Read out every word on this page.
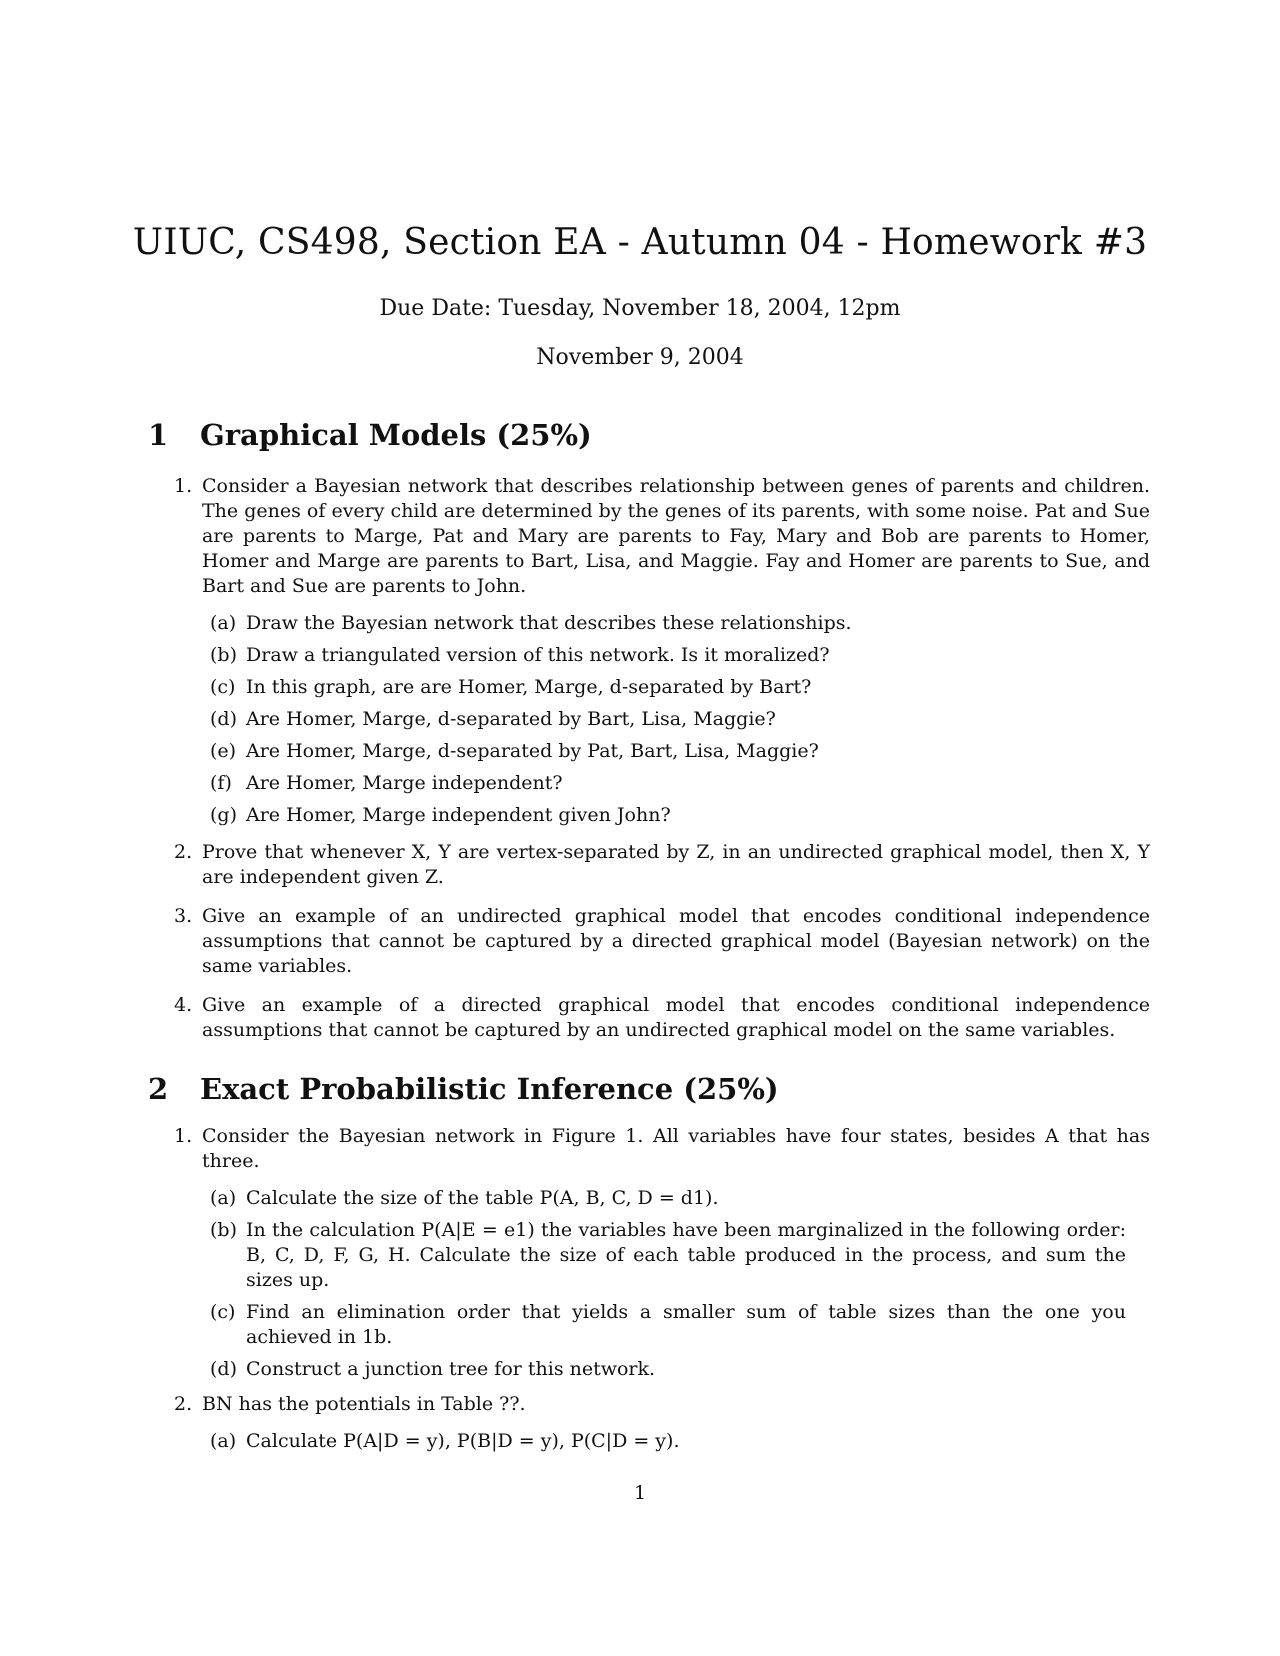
UIUC, CS498, Section EA - Autumn 04 - Homework #3
Due Date: Tuesday, November 18, 2004, 12pm
November 9, 2004
1	Graphical Models (25%)
1. Consider a Bayesian network that describes relationship between genes of parents and children. The genes of every child are determined by the genes of its parents, with some noise. Pat and Sue are parents to Marge, Pat and Mary are parents to Fay, Mary and Bob are parents to Homer, Homer and Marge are parents to Bart, Lisa, and Maggie. Fay and Homer are parents to Sue, and Bart and Sue are parents to John.
(a) Draw the Bayesian network that describes these relationships.
(b) Draw a triangulated version of this network. Is it moralized?
(c) In this graph, are are Homer, Marge, d-separated by Bart?
(d) Are Homer, Marge, d-separated by Bart, Lisa, Maggie?
(e) Are Homer, Marge, d-separated by Pat, Bart, Lisa, Maggie?
(f) Are Homer, Marge independent?
(g) Are Homer, Marge independent given John?
2. Prove that whenever X, Y are vertex-separated by Z, in an undirected graphical model, then X, Y are independent given Z.
3. Give an example of an undirected graphical model that encodes conditional independence assumptions that cannot be captured by a directed graphical model (Bayesian network) on the same variables.
4. Give an example of a directed graphical model that encodes conditional independence assumptions that cannot be captured by an undirected graphical model on the same variables.
2	Exact Probabilistic Inference (25%)
1. Consider the Bayesian network in Figure 1. All variables have four states, besides A that has three.
(a) Calculate the size of the table P(A, B, C, D = d1).
(b) In the calculation P(A|E = e1) the variables have been marginalized in the following order: B, C, D, F, G, H. Calculate the size of each table produced in the process, and sum the sizes up.
(c) Find an elimination order that yields a smaller sum of table sizes than the one you achieved in 1b.
(d) Construct a junction tree for this network.
2. BN has the potentials in Table ??.
(a) Calculate P(A|D = y), P(B|D = y), P(C|D = y).
1
